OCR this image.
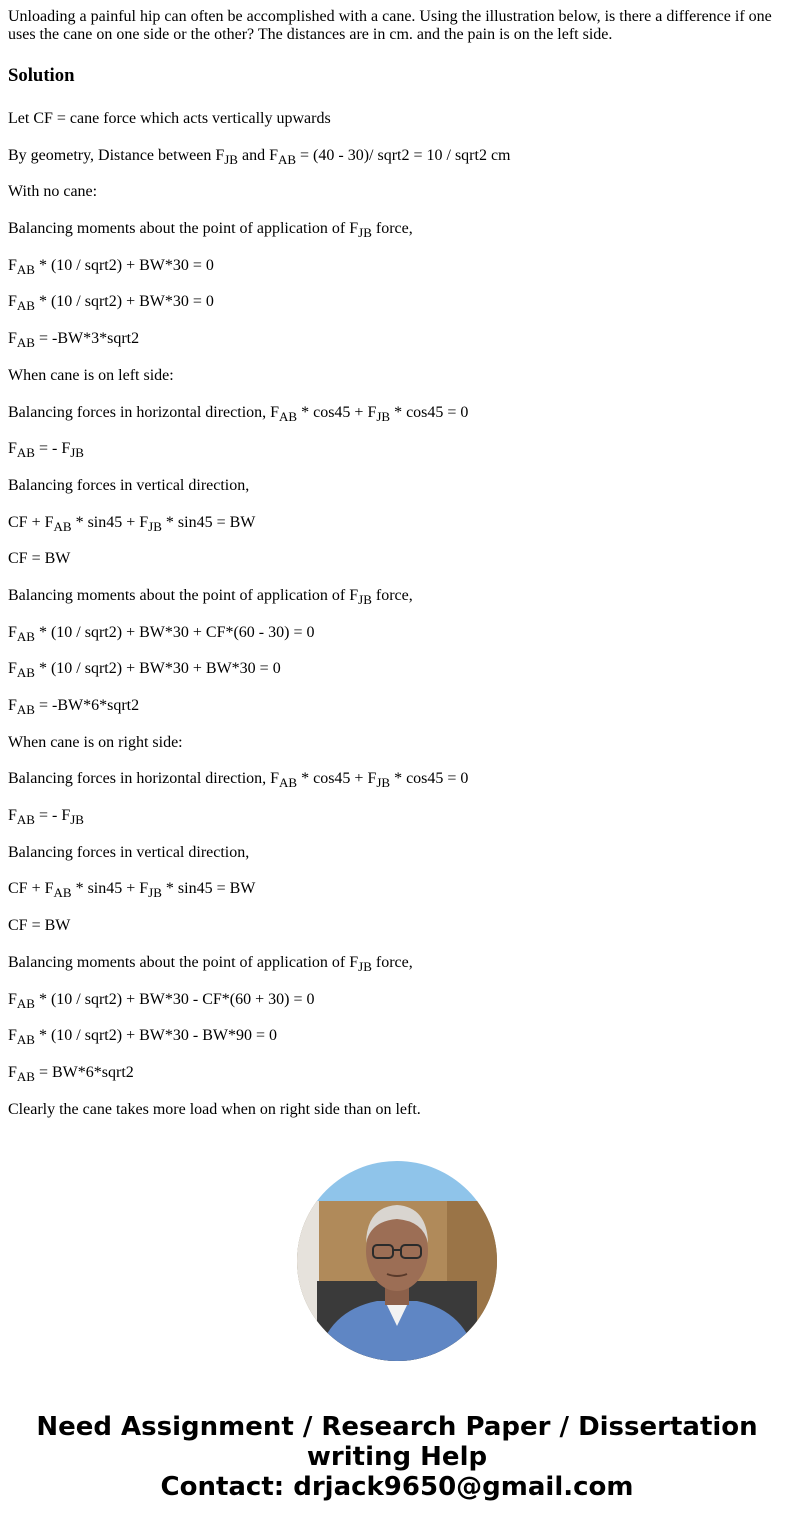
Unloading a painful hip can often be accomplished with a cane. Using the illustration below, is there a difference if one uses the cane on one side or the other? The distances are in cm. and the pain is on the left side.

Solution

Let CF = cane force which acts vertically upwards

By geometry, Distance between $F_{JB}$ and $F_{AB} = (40 - 30)/$ sqrt2 = 10 / sqrt2 cm

With no cane:

Balancing moments about the point of application of $F_{JB}$ force,

$F_{AB} * (10$ / sqrt2) + BW*30 = 0

$F_{AB} * (10$ / sqrt2) + BW*30 = 0

$F_{AB}$ = -BW*3*sqrt2

When cane is on left side:

Balancing forces in horizontal direction, $F_{AB} * \cos 45 + F_{JB} * \cos 45 = 0$

$F_{AB}$ = - $F_{JB}$

Balancing forces in vertical direction,

CF + $F_{AB} * \sin 45 + F_{JB} * \sin 45$ = BW

CF = BW

Balancing moments about the point of application of $F_{JB}$ force,

$F_{AB} * (10$ / sqrt2) + BW*30 + CF*(60 - 30) = 0

$F_{AB} * (10$ / sqrt2) + BW*30 + BW*30 = 0

$F_{AB}$ = -BW*6*sqrt2

When cane is on right side:

Balancing forces in horizontal direction, $F_{AB} * \cos 45 + F_{JB} * \cos 45 = 0$

$F_{AB}$ = - $F_{JB}$

Balancing forces in vertical direction,

CF + $F_{AB} * \sin 45 + F_{JB} * \sin 45$ = BW

CF = BW

Balancing moments about the point of application of $F_{JB}$ force,

$F_{AB} * (10$ / sqrt2) + BW*30 - CF*(60 + 30) = 0

$F_{AB} * (10$ / sqrt2) + BW*30 - BW*90 = 0

$F_{AB}$ = BW*6*sqrt2

Clearly the cane takes more load when on right side than on left.

Need Assignment / Research Paper / Dissertation
writing Help
Contact: drjack9650@gmail.com
